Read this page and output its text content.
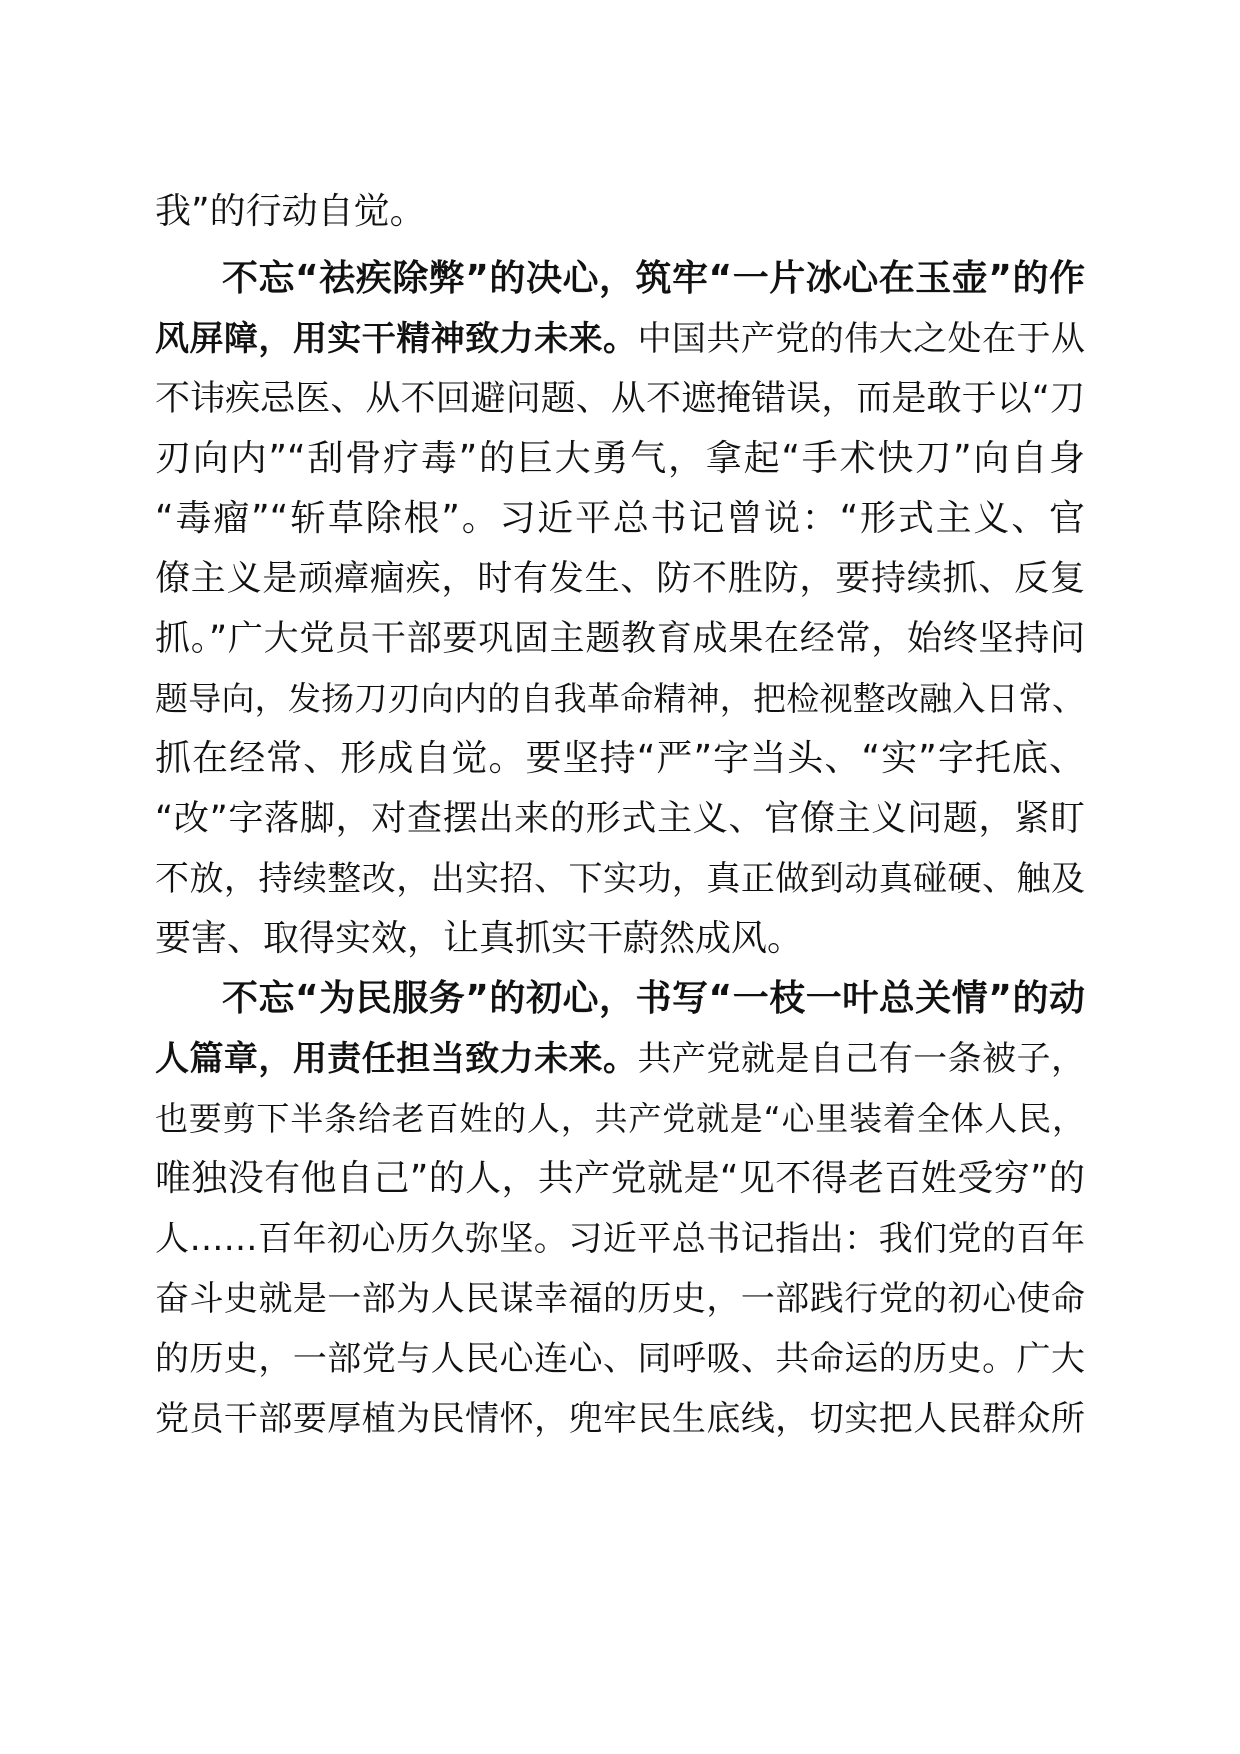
我”的行动自觉。
不忘“祛疾除弊”的决心，筑牢“一片冰心在玉壶”的作
风屏障，用实干精神致力未来。中国共产党的伟大之处在于从
不讳疾忌医、从不回避问题、从不遮掩错误，而是敢于以“刀
刃向内”“刮骨疗毒”的巨大勇气，拿起“手术快刀”向自身
“毒瘤”“斩草除根”。习近平总书记曾说：“形式主义、官
僚主义是顽瘴痼疾，时有发生、防不胜防，要持续抓、反复
抓。”广大党员干部要巩固主题教育成果在经常，始终坚持问
题导向，发扬刀刃向内的自我革命精神，把检视整改融入日常、
抓在经常、形成自觉。要坚持“严”字当头、“实”字托底、
“改”字落脚，对查摆出来的形式主义、官僚主义问题，紧盯
不放，持续整改，出实招、下实功，真正做到动真碰硬、触及
要害、取得实效，让真抓实干蔚然成风。
不忘“为民服务”的初心，书写“一枝一叶总关情”的动
人篇章，用责任担当致力未来。共产党就是自己有一条被子，
也要剪下半条给老百姓的人，共产党就是“心里装着全体人民，
唯独没有他自己”的人，共产党就是“见不得老百姓受穷”的
人……百年初心历久弥坚。习近平总书记指出：我们党的百年
奋斗史就是一部为人民谋幸福的历史，一部践行党的初心使命
的历史，一部党与人民心连心、同呼吸、共命运的历史。广大
党员干部要厚植为民情怀，兜牢民生底线，切实把人民群众所
